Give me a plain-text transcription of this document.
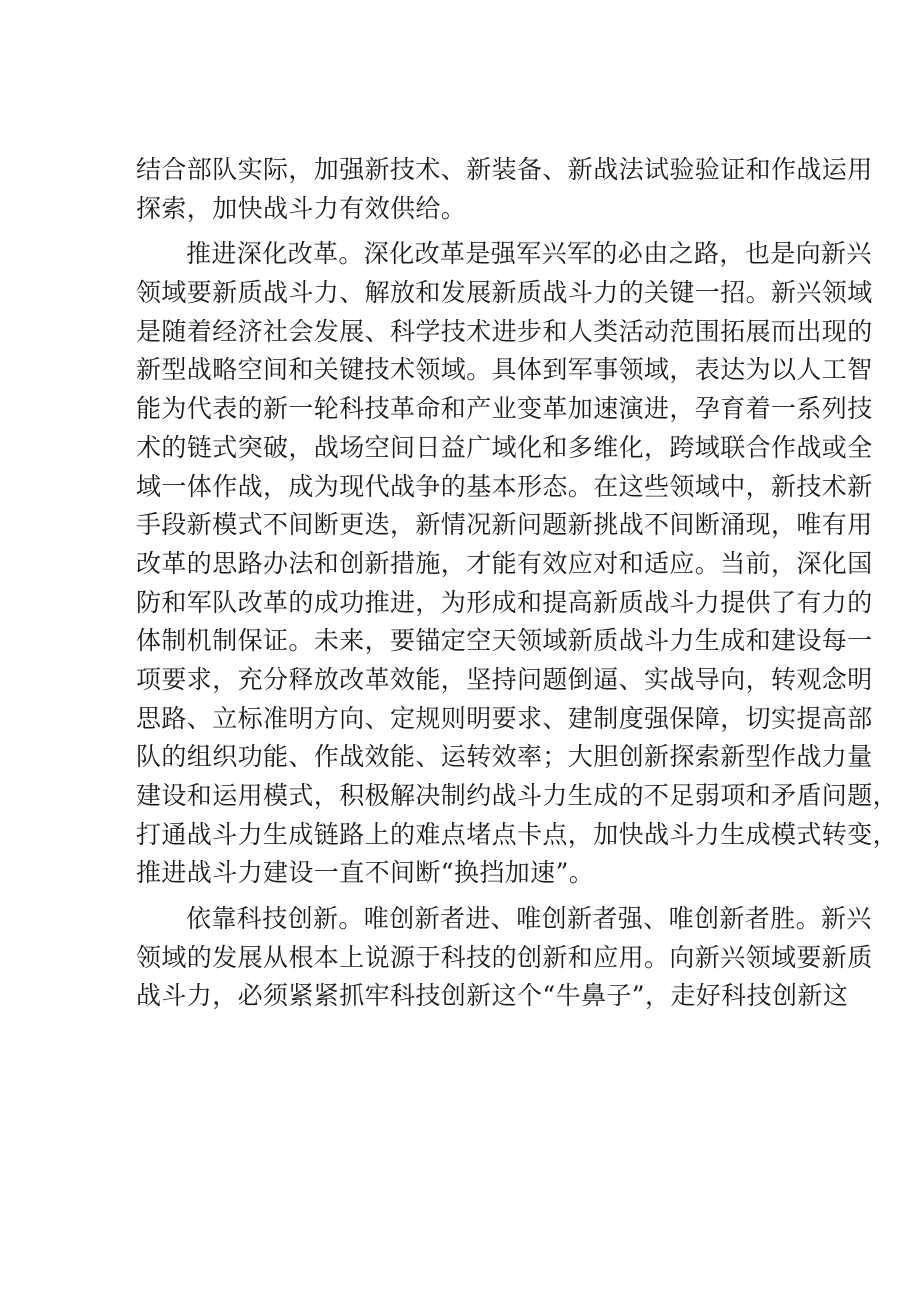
结合部队实际，加强新技术、新装备、新战法试验验证和作战运用
探索，加快战斗力有效供给。
推进深化改革。深化改革是强军兴军的必由之路，也是向新兴
领域要新质战斗力、解放和发展新质战斗力的关键一招。新兴领域
是随着经济社会发展、科学技术进步和人类活动范围拓展而出现的
新型战略空间和关键技术领域。具体到军事领域，表达为以人工智
能为代表的新一轮科技革命和产业变革加速演进，孕育着一系列技
术的链式突破，战场空间日益广域化和多维化，跨域联合作战或全
域一体作战，成为现代战争的基本形态。在这些领域中，新技术新
手段新模式不间断更迭，新情况新问题新挑战不间断涌现，唯有用
改革的思路办法和创新措施，才能有效应对和适应。当前，深化国
防和军队改革的成功推进，为形成和提高新质战斗力提供了有力的
体制机制保证。未来，要锚定空天领域新质战斗力生成和建设每一
项要求，充分释放改革效能，坚持问题倒逼、实战导向，转观念明
思路、立标准明方向、定规则明要求、建制度强保障，切实提高部
队的组织功能、作战效能、运转效率；大胆创新探索新型作战力量
建设和运用模式，积极解决制约战斗力生成的不足弱项和矛盾问题，
打通战斗力生成链路上的难点堵点卡点，加快战斗力生成模式转变，
推进战斗力建设一直不间断“换挡加速”。
依靠科技创新。唯创新者进、唯创新者强、唯创新者胜。新兴
领域的发展从根本上说源于科技的创新和应用。向新兴领域要新质
战斗力，必须紧紧抓牢科技创新这个“牛鼻子”，走好科技创新这
